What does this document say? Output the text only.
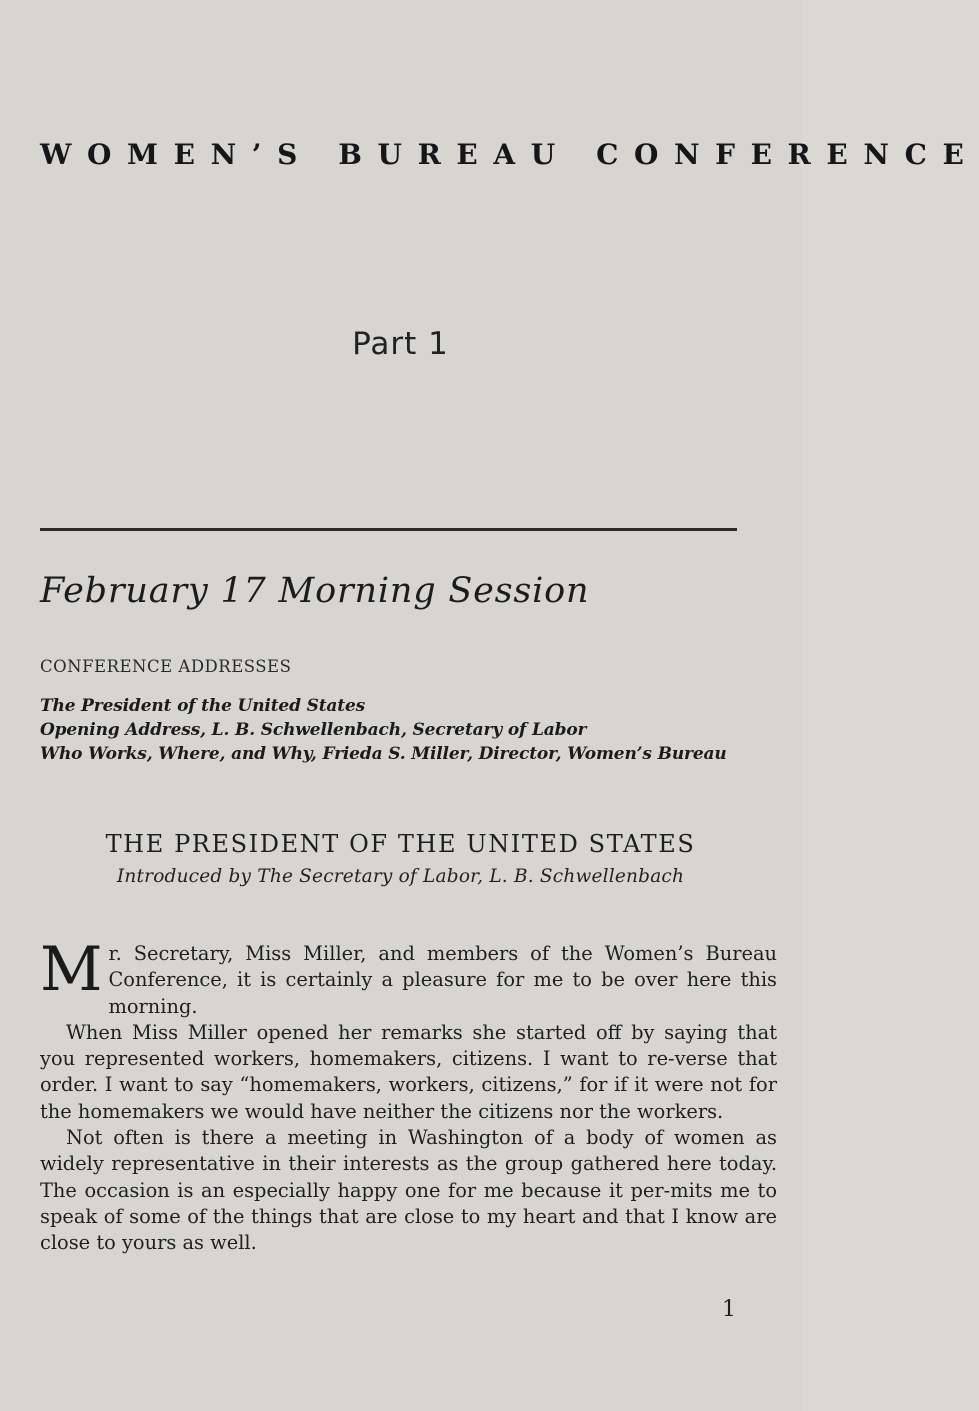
WOMEN’S BUREAU CONFERENCE
Part 1
February 17 Morning Session
CONFERENCE ADDRESSES
The President of the United States
Opening Address, L. B. Schwellenbach, Secretary of Labor
Who Works, Where, and Why, Frieda S. Miller, Director, Women’s Bureau
THE PRESIDENT OF THE UNITED STATES
Introduced by The Secretary of Labor, L. B. Schwellenbach

Mr. Secretary, Miss Miller, and members of the Women’s Bureau Conference, it is certainly a pleasure for me to be over here this morning.

When Miss Miller opened her remarks she started off by saying that you represented workers, homemakers, citizens. I want to re-verse that order. I want to say “homemakers, workers, citizens,” for if it were not for the homemakers we would have neither the citizens nor the workers.

Not often is there a meeting in Washington of a body of women as widely representative in their interests as the group gathered here today. The occasion is an especially happy one for me because it per-mits me to speak of some of the things that are close to my heart and that I know are close to yours as well.

1
